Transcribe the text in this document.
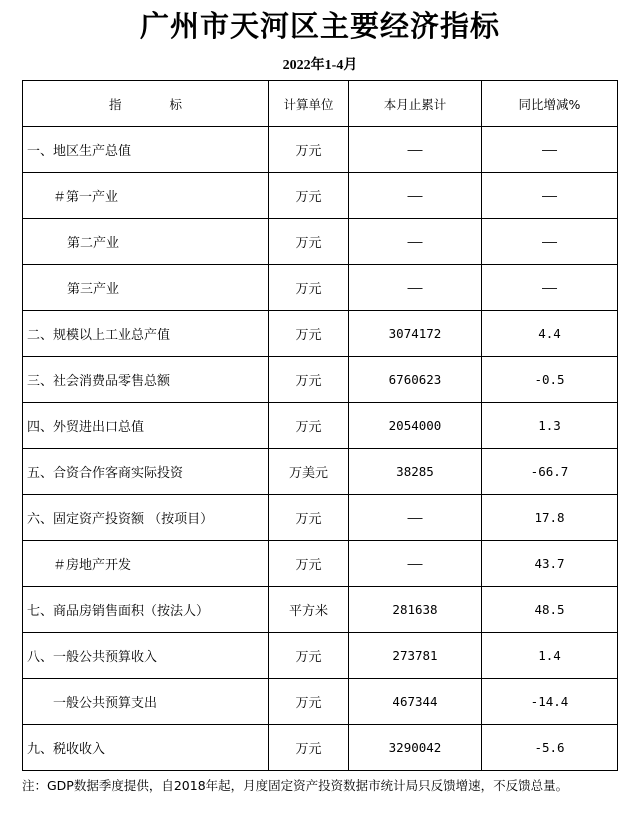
广州市天河区主要经济指标
2022年1-4月
指 标	计算单位	本月止累计	同比增减%
一、地区生产总值	万元	——	——
＃第一产业	万元	——	——
第二产业	万元	——	——
第三产业	万元	——	——
二、规模以上工业总产值	万元	3074172	4.4
三、社会消费品零售总额	万元	6760623	-0.5
四、外贸进出口总值	万元	2054000	1.3
五、合资合作客商实际投资	万美元	38285	-66.7
六、固定资产投资额 （按项目）	万元	——	17.8
＃房地产开发	万元	——	43.7
七、商品房销售面积（按法人）	平方米	281638	48.5
八、一般公共预算收入	万元	273781	1.4
一般公共预算支出	万元	467344	-14.4
九、税收收入	万元	3290042	-5.6
注：GDP数据季度提供，自2018年起，月度固定资产投资数据市统计局只反馈增速，不反馈总量。
